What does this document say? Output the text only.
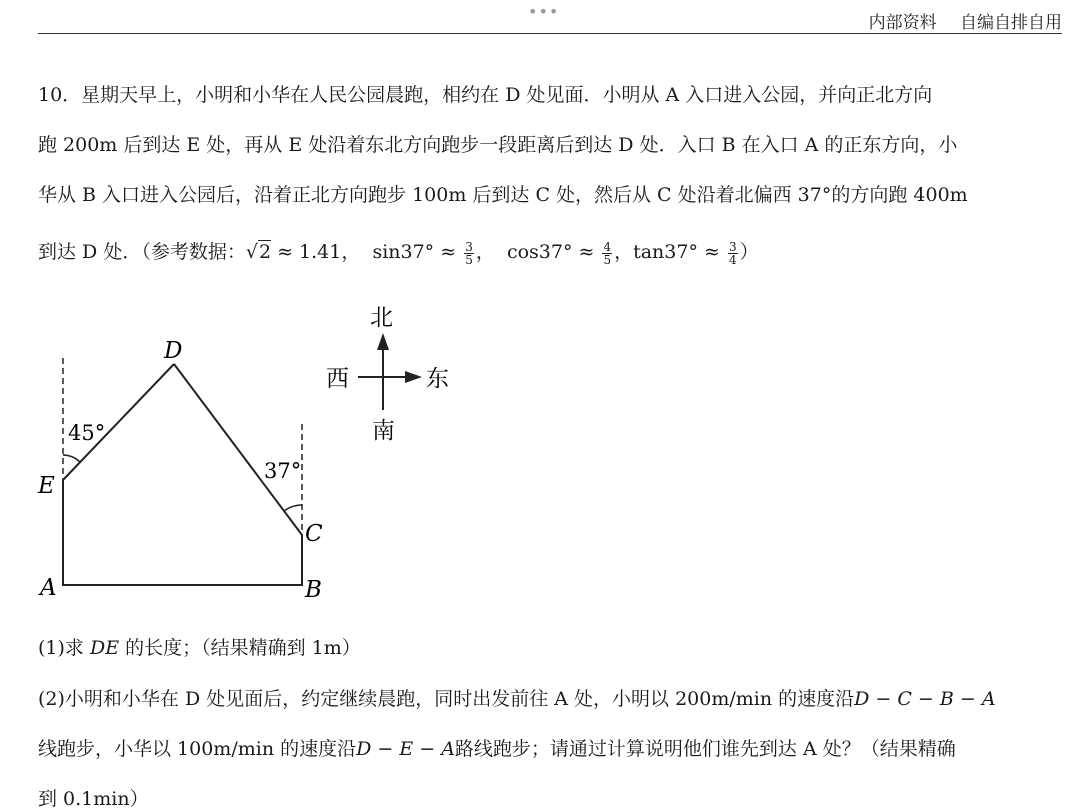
•••
内部资料 自编自排自用
10．星期天早上，小明和小华在人民公园晨跑，相约在 D 处见面．小明从 A 入口进入公园，并向正北方向
跑 200m 后到达 E 处，再从 E 处沿着东北方向跑步一段距离后到达 D 处．入口 B 在入口 A 的正东方向，小
华从 B 入口进入公园后，沿着正北方向跑步 100m 后到达 C 处，然后从 C 处沿着北偏西 37°的方向跑 400m
到达 D 处．（参考数据：√2 ≈ 1.41， $\sin 37^\circ \approx \frac{3}{5}$ ， $\cos 37^\circ \approx \frac{4}{5}$ ，$\tan 37^\circ \approx \frac{3}{4}$ ）
D
E
A	B
C
45°
37°
北
西	东
南
(1)求 DE 的长度；（结果精确到 1m）
(2)小明和小华在 D 处见面后，约定继续晨跑，同时出发前往 A 处，小明以 200m/min 的速度沿D − C − B − A
线跑步，小华以 100m/min 的速度沿D − E − A路线跑步；请通过计算说明他们谁先到达 A 处？（结果精确
到 0.1min）
